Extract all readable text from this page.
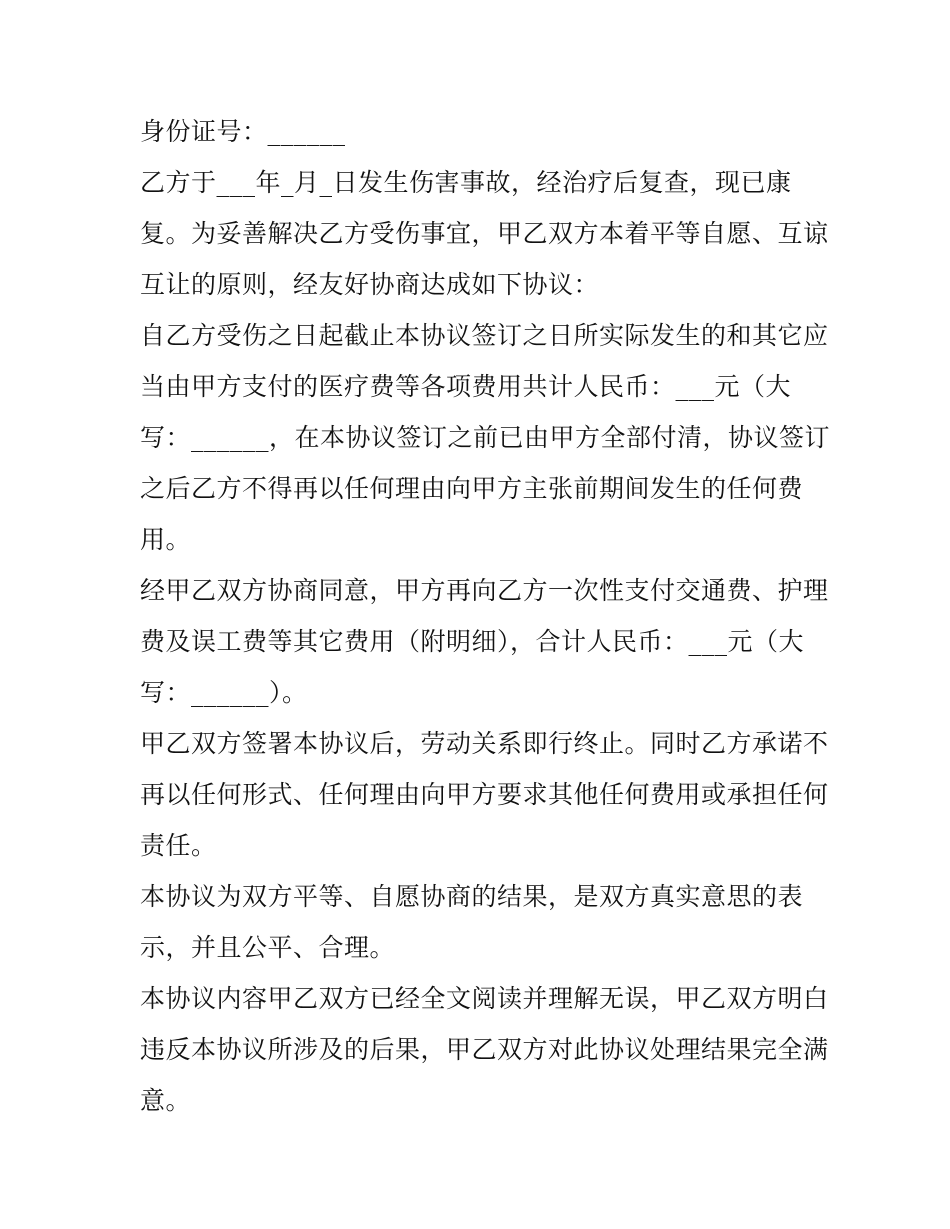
身份证号：______
乙方于___年_月_日发生伤害事故，经治疗后复查，现已康
复。为妥善解决乙方受伤事宜，甲乙双方本着平等自愿、互谅
互让的原则，经友好协商达成如下协议：
自乙方受伤之日起截止本协议签订之日所实际发生的和其它应
当由甲方支付的医疗费等各项费用共计人民币：___元（大
写：______，在本协议签订之前已由甲方全部付清，协议签订
之后乙方不得再以任何理由向甲方主张前期间发生的任何费
用。
经甲乙双方协商同意，甲方再向乙方一次性支付交通费、护理
费及误工费等其它费用（附明细），合计人民币：___元（大
写：______）。
甲乙双方签署本协议后，劳动关系即行终止。同时乙方承诺不
再以任何形式、任何理由向甲方要求其他任何费用或承担任何
责任。
本协议为双方平等、自愿协商的结果，是双方真实意思的表
示，并且公平、合理。
本协议内容甲乙双方已经全文阅读并理解无误，甲乙双方明白
违反本协议所涉及的后果，甲乙双方对此协议处理结果完全满
意。
